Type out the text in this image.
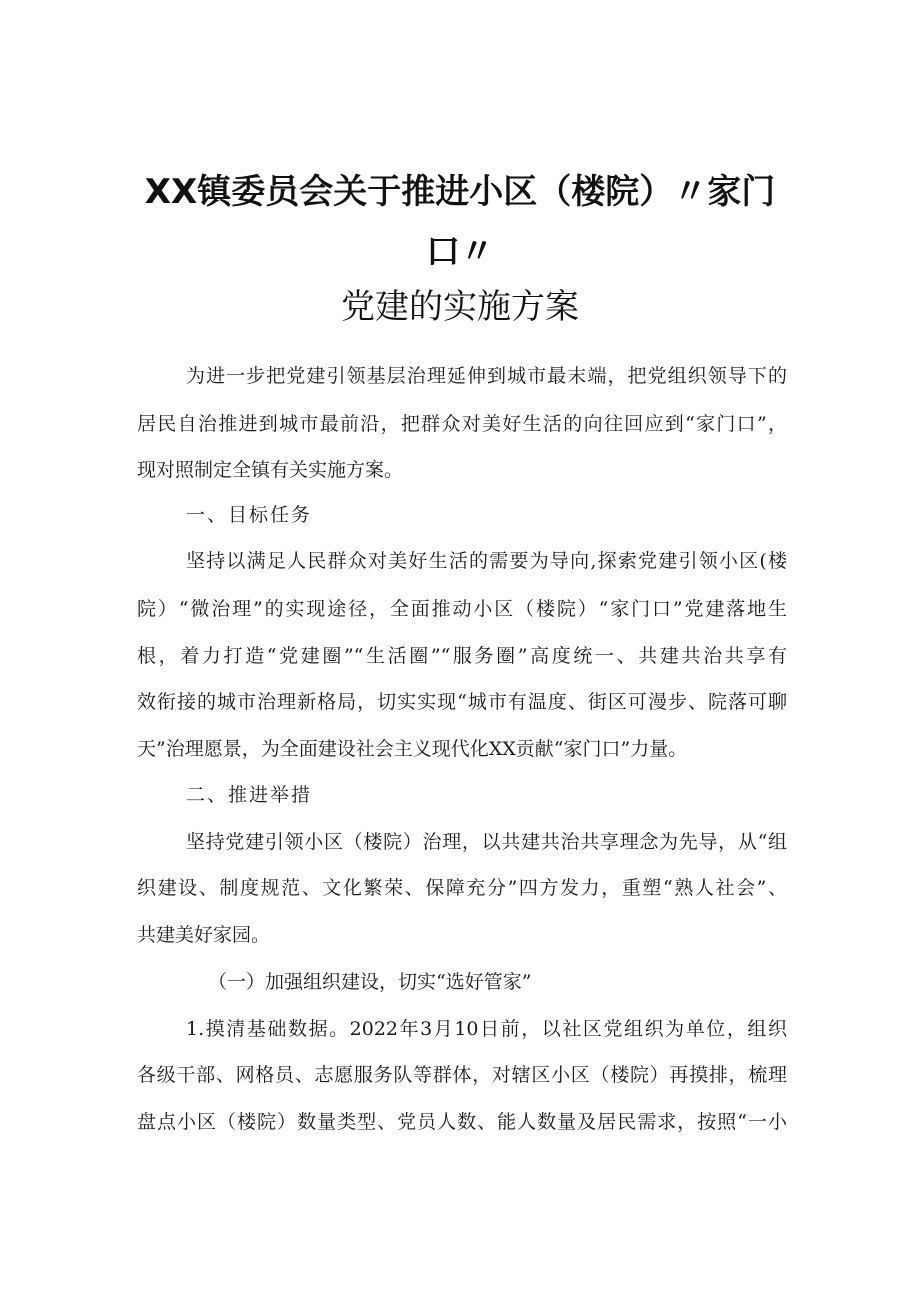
XX镇委员会关于推进小区（楼院）〃家门
口〃
党建的实施方案
为进一步把党建引领基层治理延伸到城市最末端，把党组织领导下的
居民自治推进到城市最前沿，把群众对美好生活的向往回应到“家门口”，
现对照制定全镇有关实施方案。
一、目标任务
坚持以满足人民群众对美好生活的需要为导向,探索党建引领小区(楼
院）“微治理”的实现途径，全面推动小区（楼院）“家门口”党建落地生
根，着力打造“党建圈”“生活圈”“服务圈”高度统一、共建共治共享有
效衔接的城市治理新格局，切实实现“城市有温度、街区可漫步、院落可聊
天”治理愿景，为全面建设社会主义现代化XX贡献“家门口”力量。
二、推进举措
坚持党建引领小区（楼院）治理，以共建共治共享理念为先导，从“组
织建设、制度规范、文化繁荣、保障充分”四方发力，重塑“熟人社会”、
共建美好家园。
（一）加强组织建设，切实“选好管家”
1.摸清基础数据。2022年3月10日前，以社区党组织为单位，组织
各级干部、网格员、志愿服务队等群体，对辖区小区（楼院）再摸排，梳理
盘点小区（楼院）数量类型、党员人数、能人数量及居民需求，按照“一小
